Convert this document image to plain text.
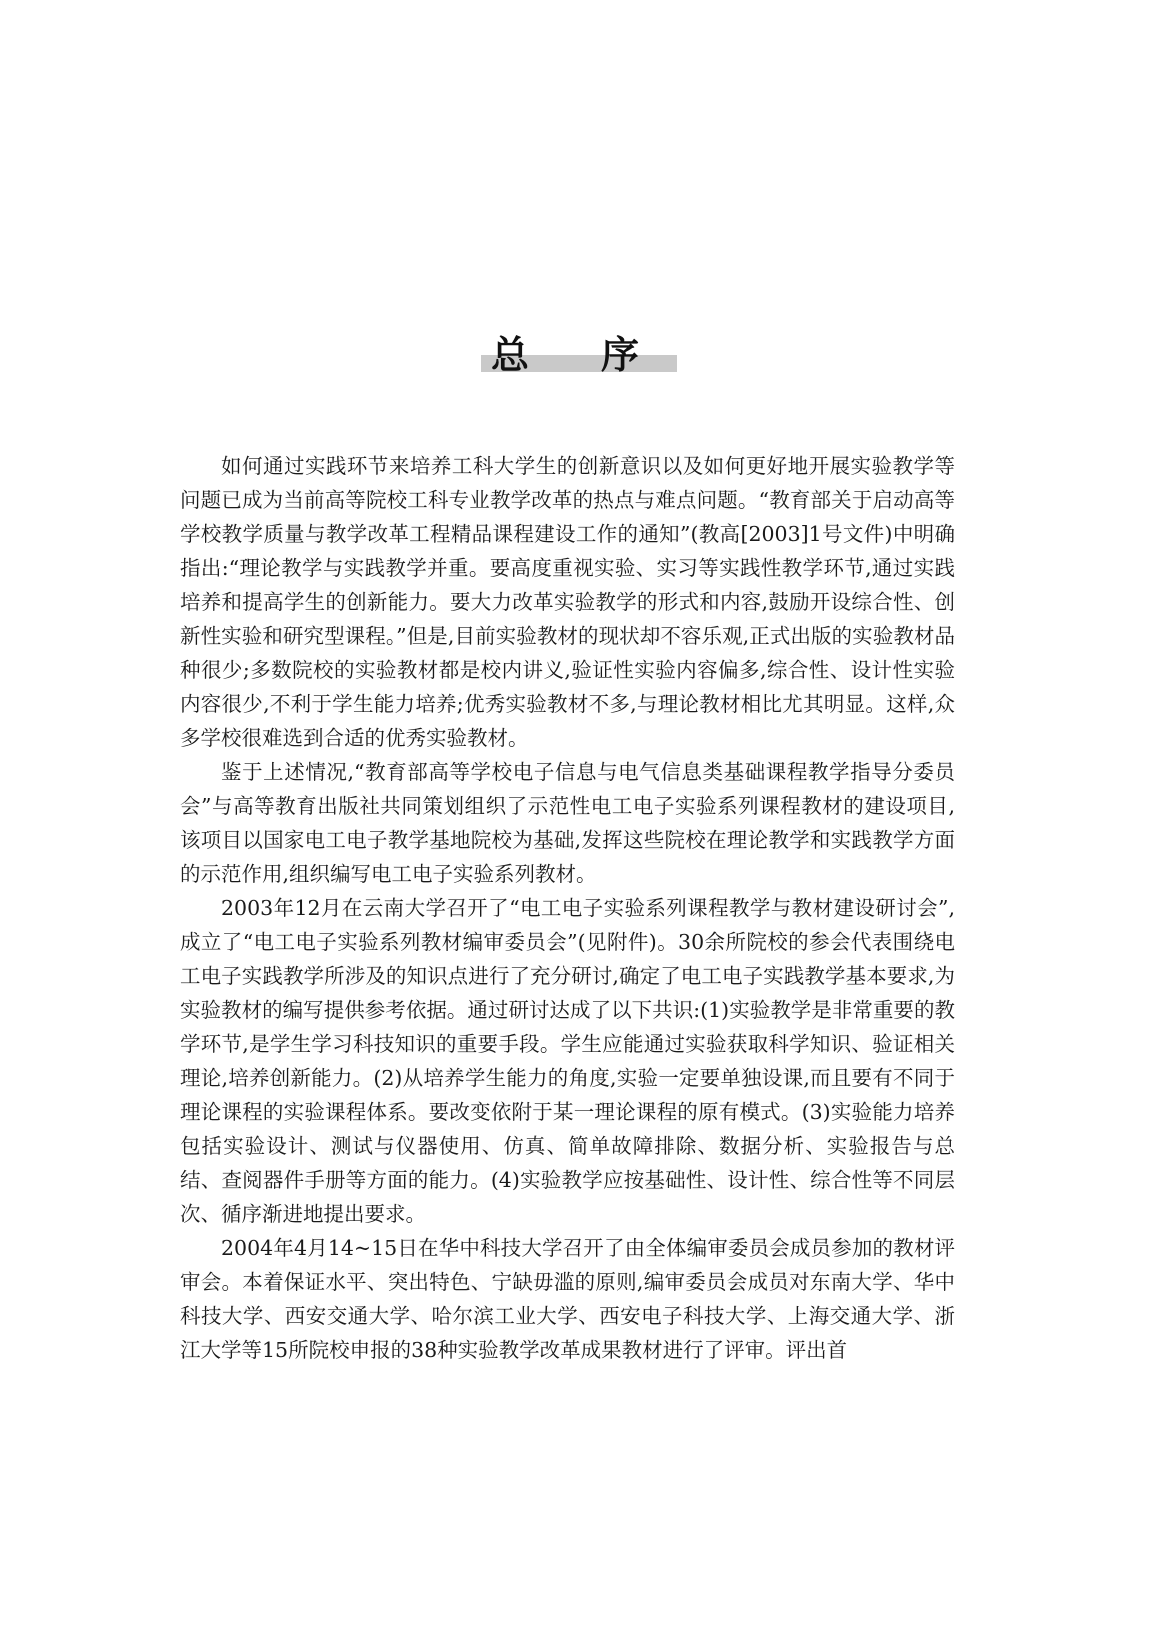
总序

如何通过实践环节来培养工科大学生的创新意识以及如何更好地开展实验教学等问题已成为当前高等院校工科专业教学改革的热点与难点问题。“教育部关于启动高等学校教学质量与教学改革工程精品课程建设工作的通知”(教高[2003]1号文件)中明确指出:“理论教学与实践教学并重。要高度重视实验、实习等实践性教学环节,通过实践培养和提高学生的创新能力。要大力改革实验教学的形式和内容,鼓励开设综合性、创新性实验和研究型课程。”但是,目前实验教材的现状却不容乐观,正式出版的实验教材品种很少;多数院校的实验教材都是校内讲义,验证性实验内容偏多,综合性、设计性实验内容很少,不利于学生能力培养;优秀实验教材不多,与理论教材相比尤其明显。这样,众多学校很难选到合适的优秀实验教材。

鉴于上述情况,“教育部高等学校电子信息与电气信息类基础课程教学指导分委员会”与高等教育出版社共同策划组织了示范性电工电子实验系列课程教材的建设项目,该项目以国家电工电子教学基地院校为基础,发挥这些院校在理论教学和实践教学方面的示范作用,组织编写电工电子实验系列教材。

2003年12月在云南大学召开了“电工电子实验系列课程教学与教材建设研讨会”,成立了“电工电子实验系列教材编审委员会”(见附件)。30余所院校的参会代表围绕电工电子实践教学所涉及的知识点进行了充分研讨,确定了电工电子实践教学基本要求,为实验教材的编写提供参考依据。通过研讨达成了以下共识:(1)实验教学是非常重要的教学环节,是学生学习科技知识的重要手段。学生应能通过实验获取科学知识、验证相关理论,培养创新能力。(2)从培养学生能力的角度,实验一定要单独设课,而且要有不同于理论课程的实验课程体系。要改变依附于某一理论课程的原有模式。(3)实验能力培养包括实验设计、测试与仪器使用、仿真、简单故障排除、数据分析、实验报告与总结、查阅器件手册等方面的能力。(4)实验教学应按基础性、设计性、综合性等不同层次、循序渐进地提出要求。

2004年4月14~15日在华中科技大学召开了由全体编审委员会成员参加的教材评审会。本着保证水平、突出特色、宁缺毋滥的原则,编审委员会成员对东南大学、华中科技大学、西安交通大学、哈尔滨工业大学、西安电子科技大学、上海交通大学、浙江大学等15所院校申报的38种实验教学改革成果教材进行了评审。评出首
